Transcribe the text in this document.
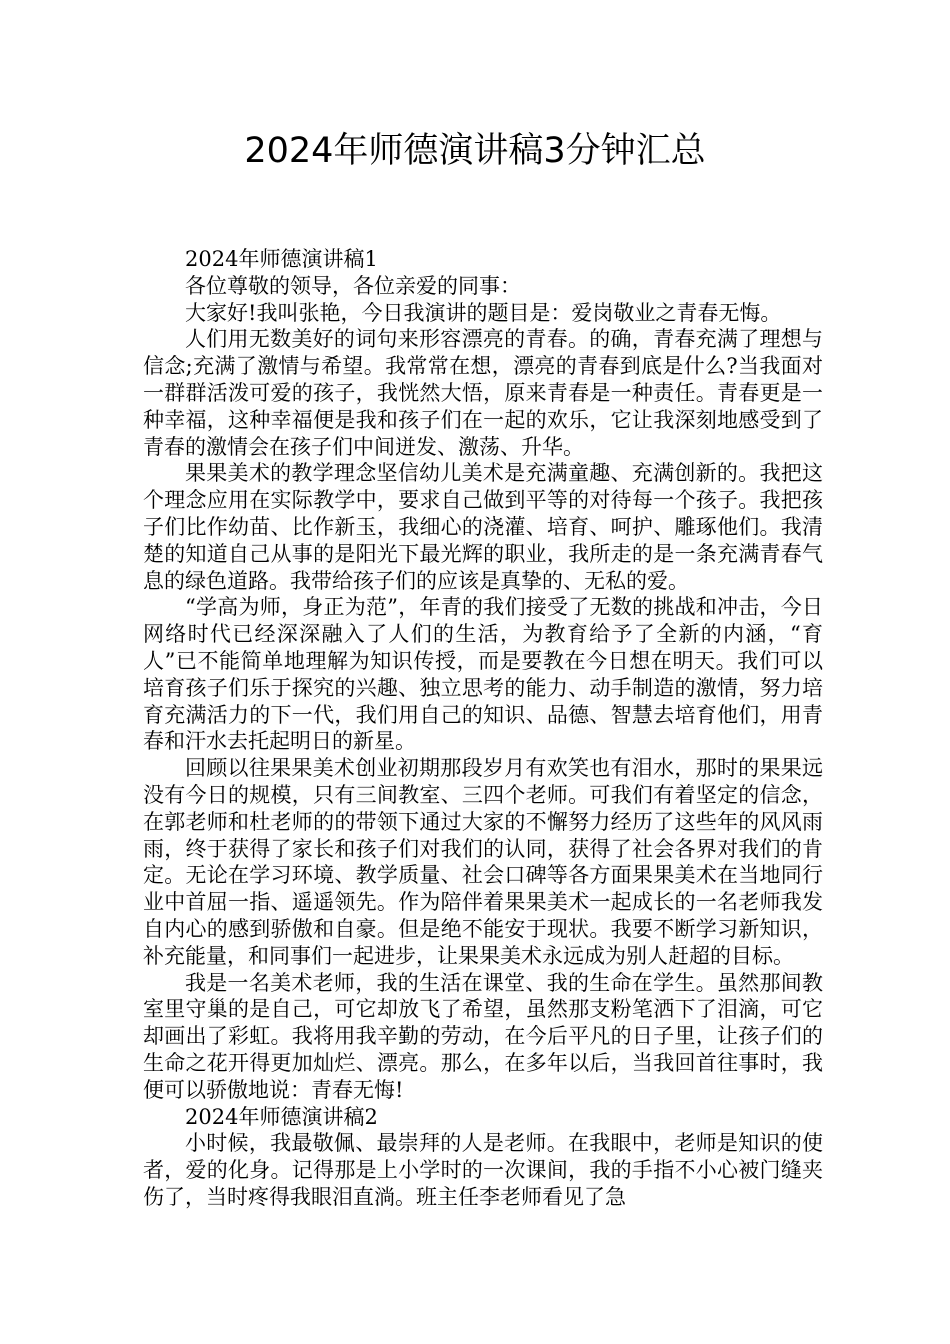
2024年师德演讲稿3分钟汇总

2024年师德演讲稿1

各位尊敬的领导，各位亲爱的同事：

大家好!我叫张艳，今日我演讲的题目是：爱岗敬业之青春无悔。

人们用无数美好的词句来形容漂亮的青春。的确，青春充满了理想与信念;充满了激情与希望。我常常在想，漂亮的青春到底是什么?当我面对一群群活泼可爱的孩子，我恍然大悟，原来青春是一种责任。青春更是一种幸福，这种幸福便是我和孩子们在一起的欢乐，它让我深刻地感受到了青春的激情会在孩子们中间迸发、激荡、升华。

果果美术的教学理念坚信幼儿美术是充满童趣、充满创新的。我把这个理念应用在实际教学中，要求自己做到平等的对待每一个孩子。我把孩子们比作幼苗、比作新玉，我细心的浇灌、培育、呵护、雕琢他们。我清楚的知道自己从事的是阳光下最光辉的职业，我所走的是一条充满青春气息的绿色道路。我带给孩子们的应该是真挚的、无私的爱。

“学高为师，身正为范”，年青的我们接受了无数的挑战和冲击，今日网络时代已经深深融入了人们的生活，为教育给予了全新的内涵，“育人”已不能简单地理解为知识传授，而是要教在今日想在明天。我们可以培育孩子们乐于探究的兴趣、独立思考的能力、动手制造的激情，努力培育充满活力的下一代，我们用自己的知识、品德、智慧去培育他们，用青春和汗水去托起明日的新星。

回顾以往果果美术创业初期那段岁月有欢笑也有泪水，那时的果果远没有今日的规模，只有三间教室、三四个老师。可我们有着坚定的信念，在郭老师和杜老师的的带领下通过大家的不懈努力经历了这些年的风风雨雨，终于获得了家长和孩子们对我们的认同，获得了社会各界对我们的肯定。无论在学习环境、教学质量、社会口碑等各方面果果美术在当地同行业中首屈一指、遥遥领先。作为陪伴着果果美术一起成长的一名老师我发自内心的感到骄傲和自豪。但是绝不能安于现状。我要不断学习新知识，补充能量，和同事们一起进步，让果果美术永远成为别人赶超的目标。

我是一名美术老师，我的生活在课堂、我的生命在学生。虽然那间教室里守巢的是自己，可它却放飞了希望，虽然那支粉笔洒下了泪滴，可它却画出了彩虹。我将用我辛勤的劳动，在今后平凡的日子里，让孩子们的生命之花开得更加灿烂、漂亮。那么，在多年以后，当我回首往事时，我便可以骄傲地说：青春无悔!

2024年师德演讲稿2

小时候，我最敬佩、最崇拜的人是老师。在我眼中，老师是知识的使者，爱的化身。记得那是上小学时的一次课间，我的手指不小心被门缝夹伤了，当时疼得我眼泪直淌。班主任李老师看见了急
